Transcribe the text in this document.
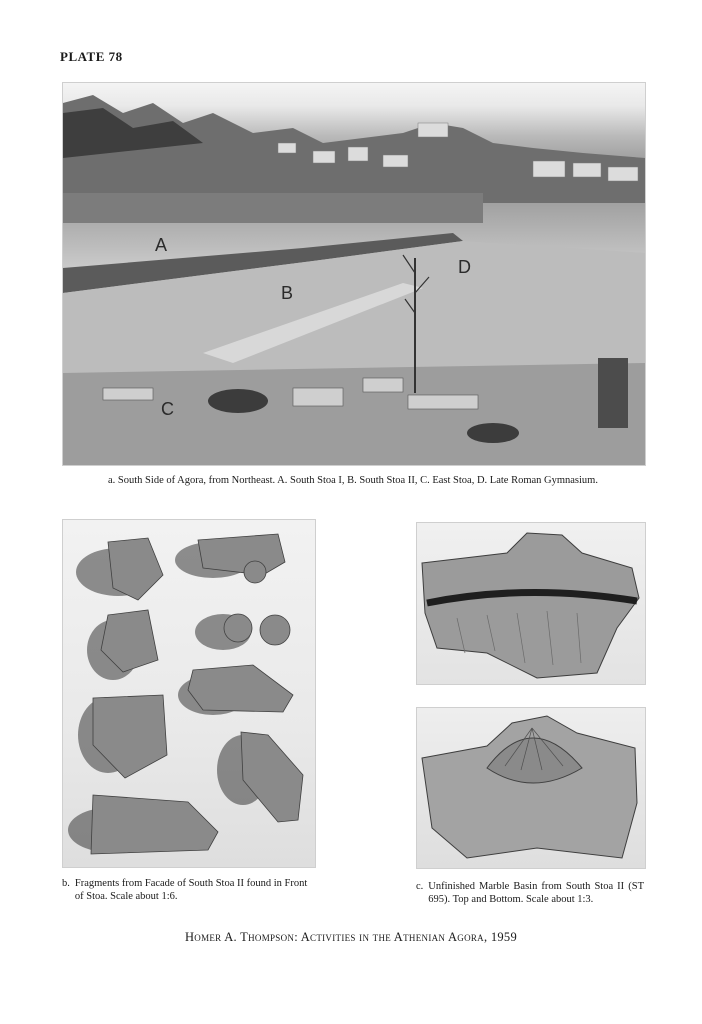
PLATE 78
A
B
C
D
a. South Side of Agora, from Northeast. A. South Stoa I, B. South Stoa II, C. East Stoa, D. Late Roman Gymnasium.
b. Fragments from Facade of South Stoa II found in Front of Stoa. Scale about 1:6.
c. Unfinished Marble Basin from South Stoa II (ST 695). Top and Bottom. Scale about 1:3.
Homer A. Thompson: Activities in the Athenian Agora, 1959
